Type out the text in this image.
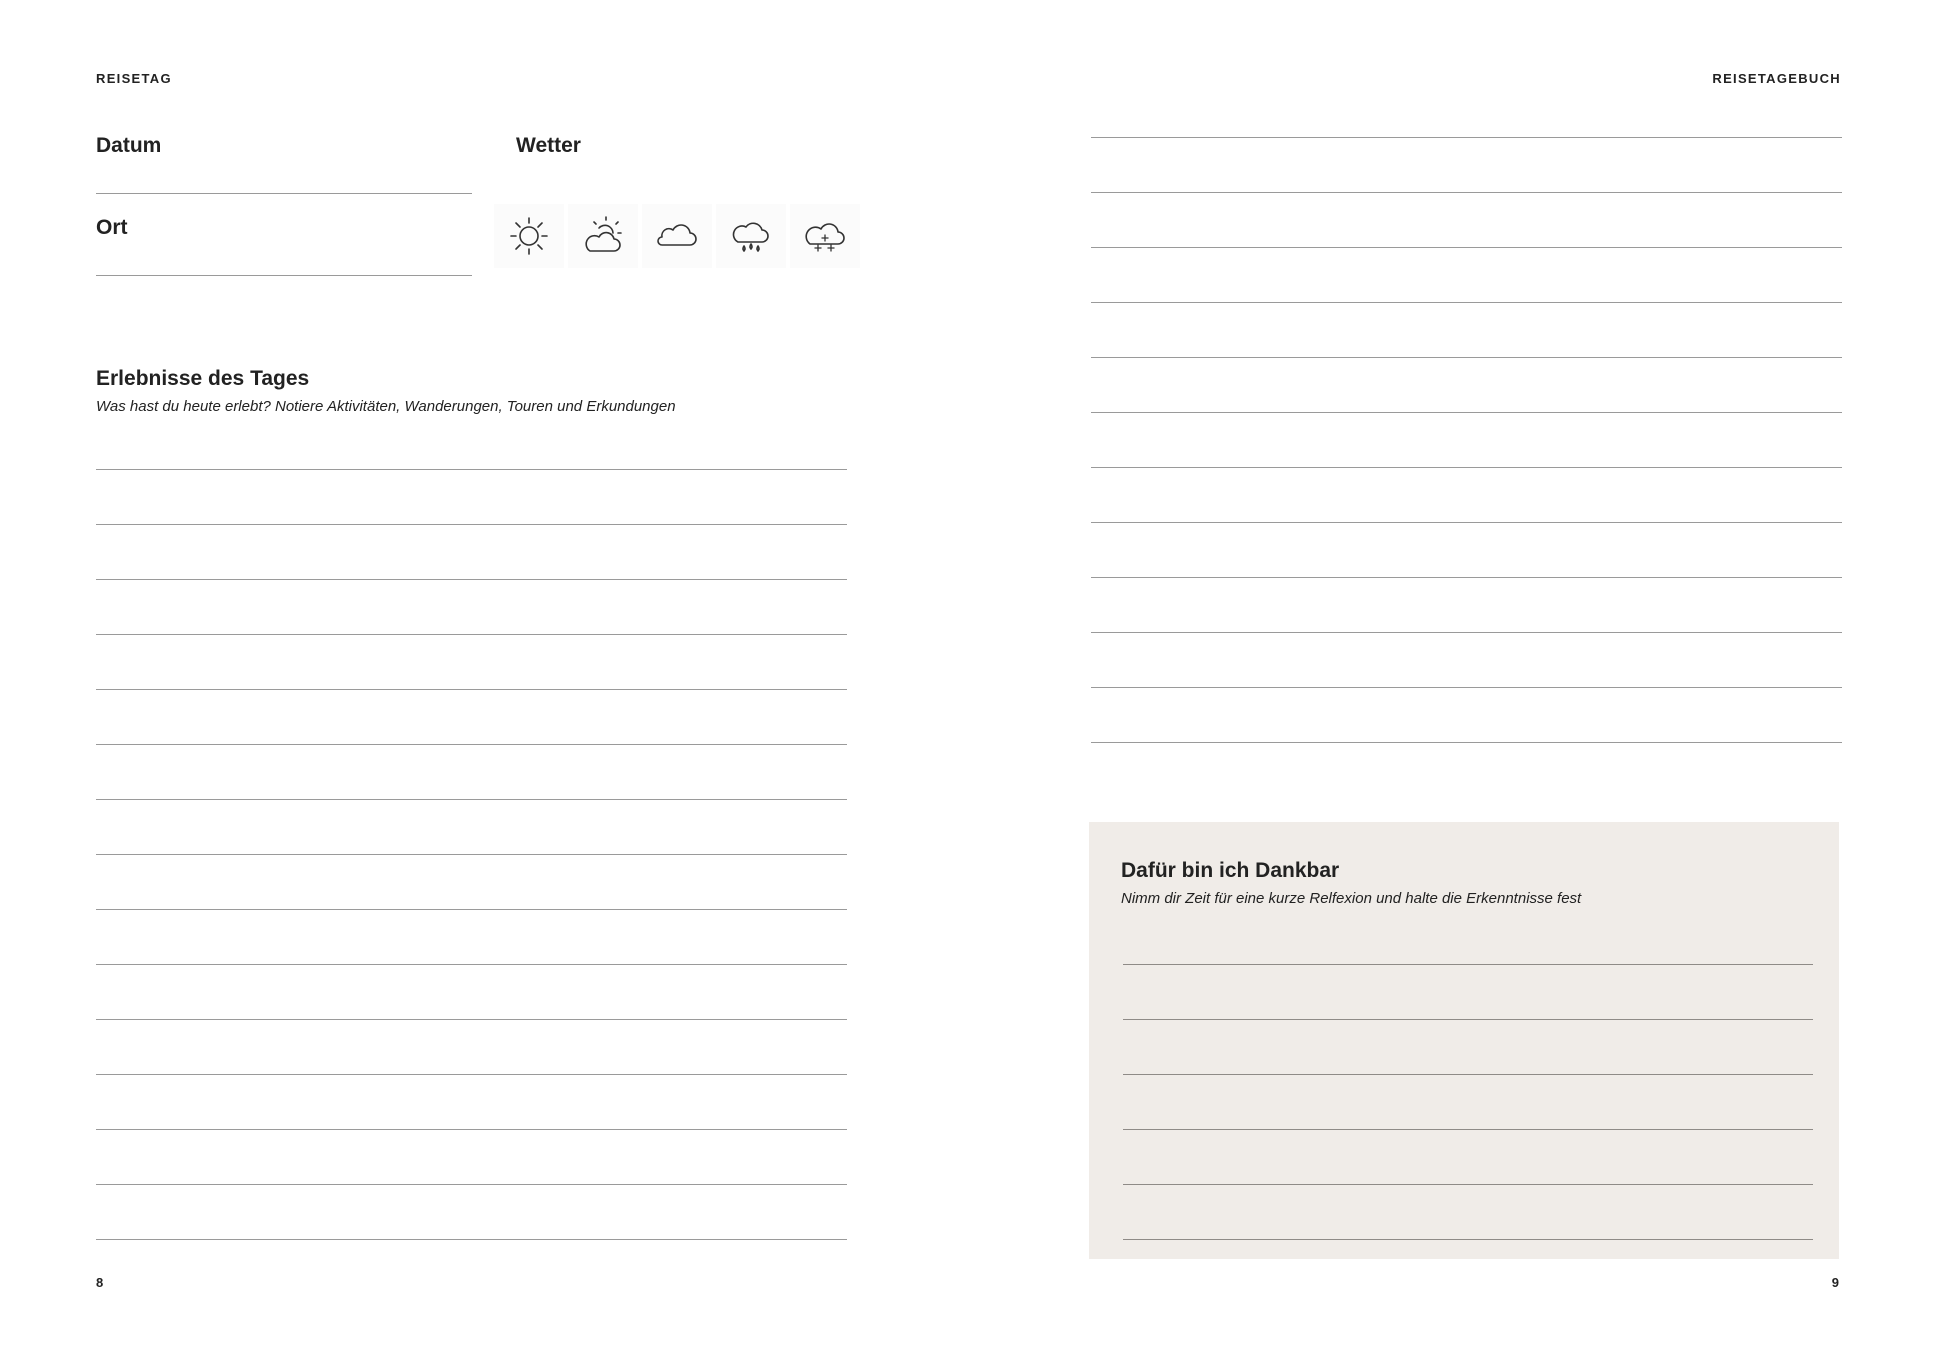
REISETAG
Datum
Ort
Wetter
Erlebnisse des Tages
Was hast du heute erlebt? Notiere Aktivitäten, Wanderungen, Touren und Erkundungen
8
REISETAGEBUCH
Dafür bin ich Dankbar
Nimm dir Zeit für eine kurze Relfexion und halte die Erkenntnisse fest
9
